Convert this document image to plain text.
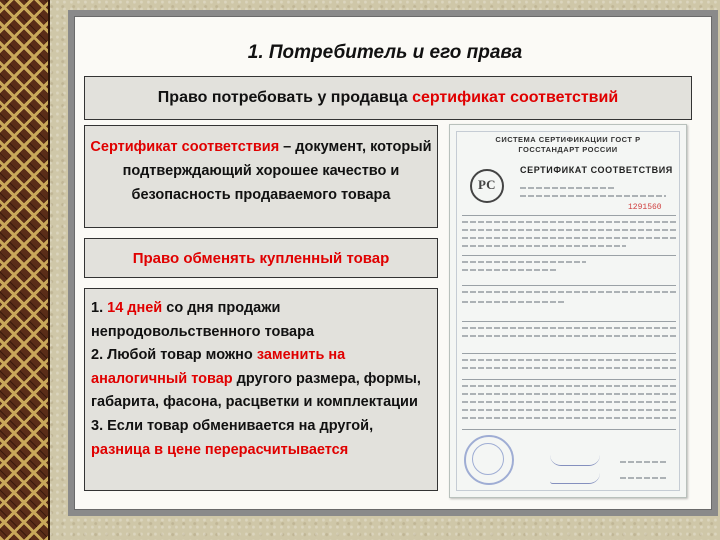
1. Потребитель и его права
Право потребовать у продавца сертификат соответствий
Сертификат соответствия – документ, который подтверждающий хорошее качество и безопасность продаваемого товара
Право обменять купленный товар
1. 14 дней со дня продажи непродовольственного товара
2. Любой товар можно заменить на аналогичный товар другого размера, формы, габарита, фасона, расцветки и комплектации
3. Если товар обменивается на другой, разница в цене перерасчитывается
СИСТЕМА СЕРТИФИКАЦИИ ГОСТ Р
ГОССТАНДАРТ РОССИИ
РС
СЕРТИФИКАТ СООТВЕТСТВИЯ
1291560
